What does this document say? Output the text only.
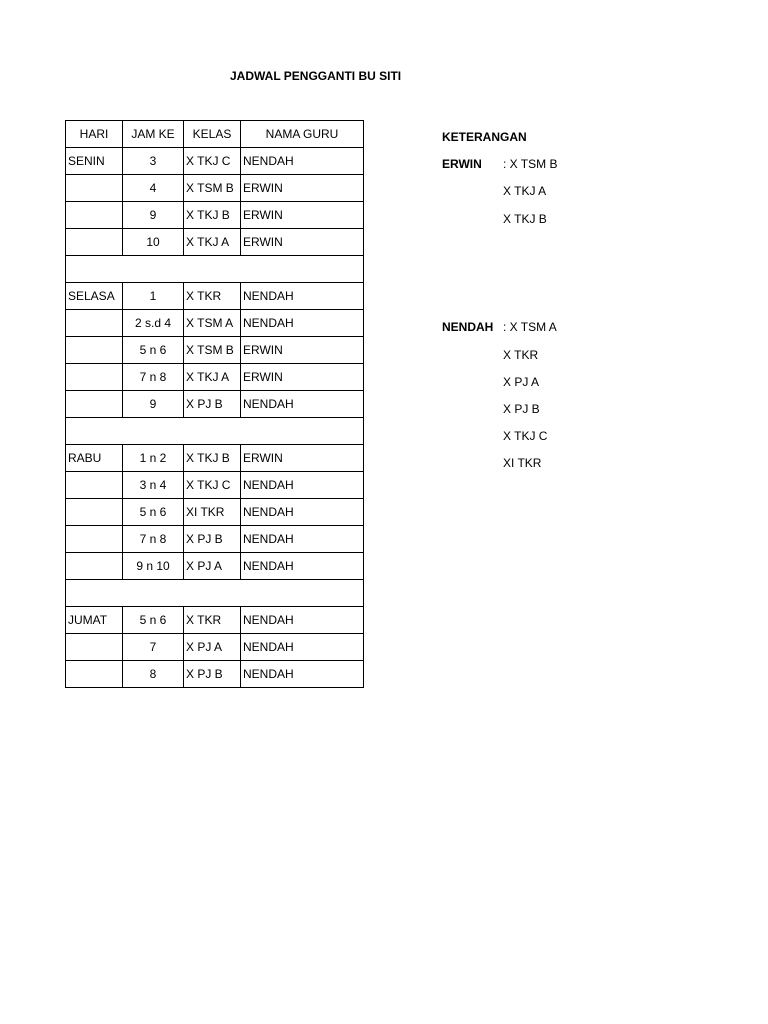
JADWAL PENGGANTI BU SITI
HARI	JAM KE	KELAS	NAMA GURU
SENIN	3	X TKJ C	NENDAH
	4	X TSM B	ERWIN
	9	X TKJ B	ERWIN
	10	X TKJ A	ERWIN

SELASA	1	X TKR	NENDAH
	2 s.d 4	X TSM A	NENDAH
	5 n 6	X TSM B	ERWIN
	7 n 8	X TKJ A	ERWIN
	9	X PJ B	NENDAH

RABU	1 n 2	X TKJ B	ERWIN
	3 n 4	X TKJ C	NENDAH
	5 n 6	XI TKR	NENDAH
	7 n 8	X PJ B	NENDAH
	9 n 10	X PJ A	NENDAH

JUMAT	5 n 6	X TKR	NENDAH
	7	X PJ A	NENDAH
	8	X PJ B	NENDAH
KETERANGAN
ERWIN : X TSM B
X TKJ A
X TKJ B
NENDAH : X TSM A
X TKR
X PJ A
X PJ B
X TKJ C
XI TKR
